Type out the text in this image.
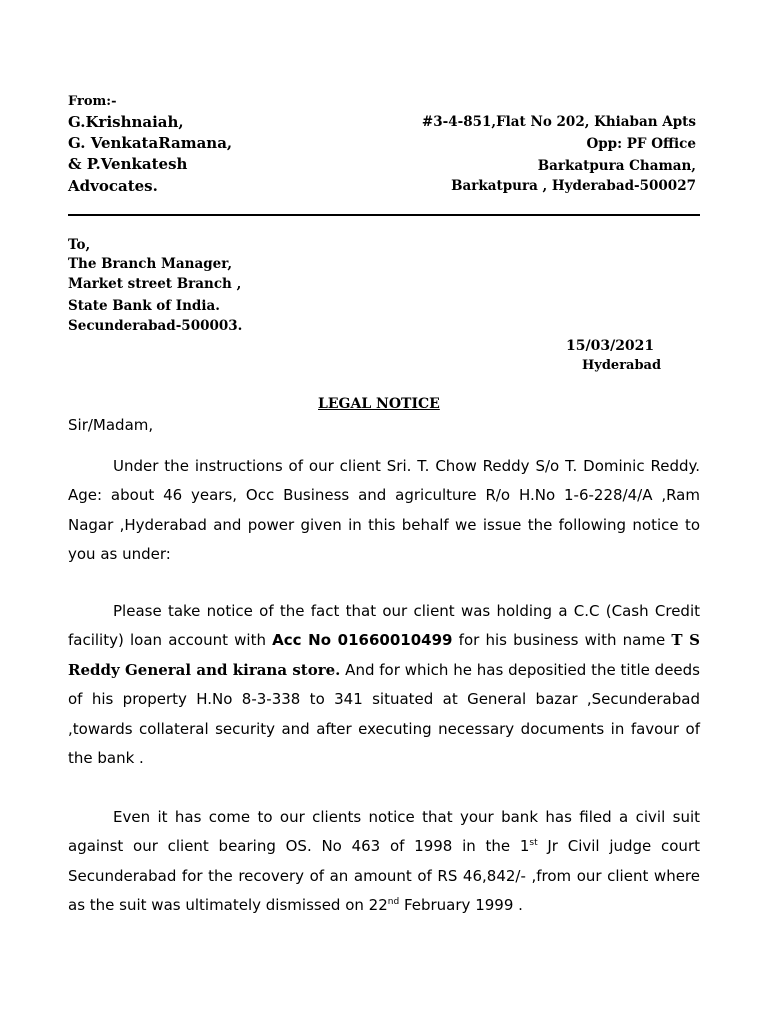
From:-
G.Krishnaiah,
G. VenkataRamana,
& P.Venkatesh
Advocates.
#3-4-851,Flat No 202, Khiaban Apts
Opp: PF Office
Barkatpura Chaman,
Barkatpura , Hyderabad-500027
To,
The Branch Manager,
Market street Branch ,
State Bank of India.
Secunderabad-500003.
15/03/2021
Hyderabad
LEGAL NOTICE
Sir/Madam,

Under the instructions of our client Sri. T. Chow Reddy S/o T. Dominic Reddy. Age: about 46 years, Occ Business and agriculture R/o H.No 1-6-228/4/A ,Ram Nagar ,Hyderabad and power given in this behalf we issue the following notice to you as under:

Please take notice of the fact that our client was holding a C.C (Cash Credit facility) loan account with Acc No 01660010499 for his business with name T S Reddy General and kirana store. And for which he has depositied the title deeds of his property H.No 8-3-338 to 341 situated at General bazar ,Secunderabad ,towards collateral security and after executing necessary documents in favour of the bank .

Even it has come to our clients notice that your bank has filed a civil suit against our client bearing OS. No 463 of 1998 in the 1st Jr Civil judge court Secunderabad for the recovery of an amount of RS 46,842/- ,from our client where as the suit was ultimately dismissed on 22nd February 1999 .
